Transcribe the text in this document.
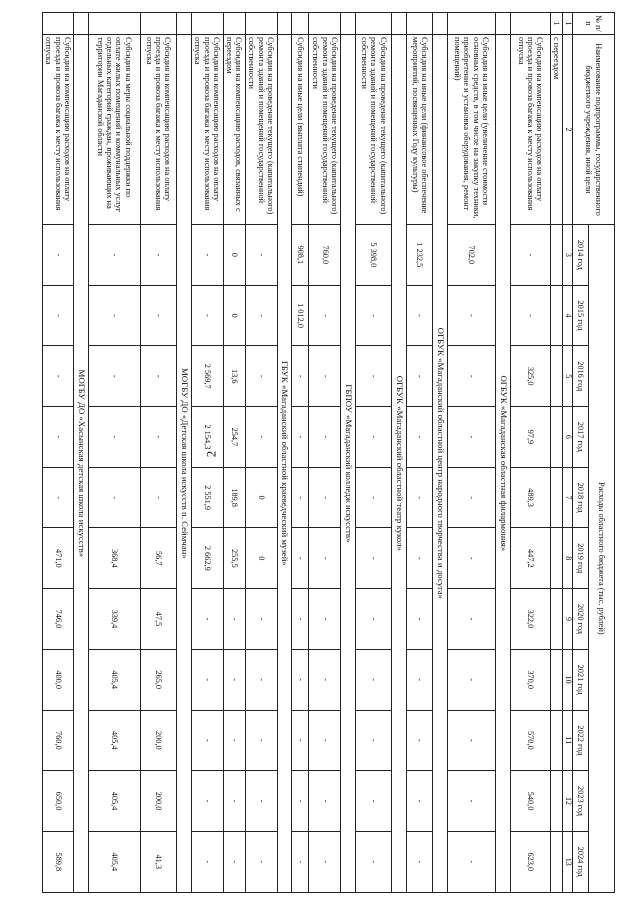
2
№ п/п	Наименование подпрограммы, государственного бюджетного учреждения, иной цели	Расходы областного бюджета (тыс. рублей)										
		2014 год	2015 год	2016 год	2017 год	2018 год	2019 год	2020 год	2021 год	2022 год	2023 год	2024 год
1	2	3	4	5	6	7	8	9	10	11	12	13
1	с переездом											
	Субсидия на компенсацию расходов на оплату проезда и провоза багажа к месту использования отпуска	-	-	325,0	97,9	489,3	447,2	322,0	370,0	570,0	540,0	623,0
	ОГБУК «Магаданская областная филармония»											
	Субсидия на иные цели (увеличение стоимости основных средств, в том числе на закупку техники, приобретение и установка оборудования, ремонт помещений)	702,0	-	-	-	-	-	-	-	-	-	-
	ОГБУК «Магаданский областной центр народного творчества и досуга»											
	Субсидия на иные цели (финансовое обеспечение мероприятий, посвященных Году культуры)	1 232,5	-	-	-	-	-	-	-	-	-	-
	ОГБУК «Магаданский областной театр кукол»											
	Субсидия на проведение текущего (капитального) ремонта зданий и помещений государственной собственности	5 398,0	-	-	-	-	-	-	-	-	-	-
	ГБПОУ «Магаданский колледж искусств»											
	Субсидия на проведение текущего (капитального) ремонта зданий и помещений государственной собственности	760,0	-	-	-	-	-	-	-	-	-	-
	Субсидия на иные цели (выплата стипендий)	908,1	1 012,0	-	-	-	-	-	-	-	-	-
	ГБУК «Магаданский областной краеведческий музей»											
	Субсидия на проведение текущего (капитального) ремонта зданий и помещений государственной собственности	-	-	-	-	0	0	-	-	-	-	-
	Субсидия на компенсацию расходов, связанных с переездом	0	0	13,6	254,7	189,8	255,5	-	-	-	-	-
	Субсидия на компенсацию расходов на оплату проезда и провоза багажа к месту использования отпуска	-	-	2 569,7	2 154,3	2 551,9	2 662,9	-	-	-	-	-
	МОГБУ ДО «Детская школа искусств п. Сеймчан»											
	Субсидия на компенсацию расходов на оплату проезда и провоза багажа к месту использования отпуска	-	-	-	-	-	56,7	47,5	265,0	200,0	200,0	41,3
	Субсидия на меры социальной поддержки по оплате жилых помещений и коммунальных услуг отдельных категорий граждан, проживающих на территории Магаданской области	-	-	-	-	-	368,4	339,4	405,4	405,4	405,4	405,4
	МОГБУ ДО «Хасынская детская школа искусств»											
	Субсидия на компенсацию расходов на оплату проезда и провоза багажа к месту использования отпуска	-	-	-	-	-	471,0	746,0	400,0	760,0	650,0	589,8
